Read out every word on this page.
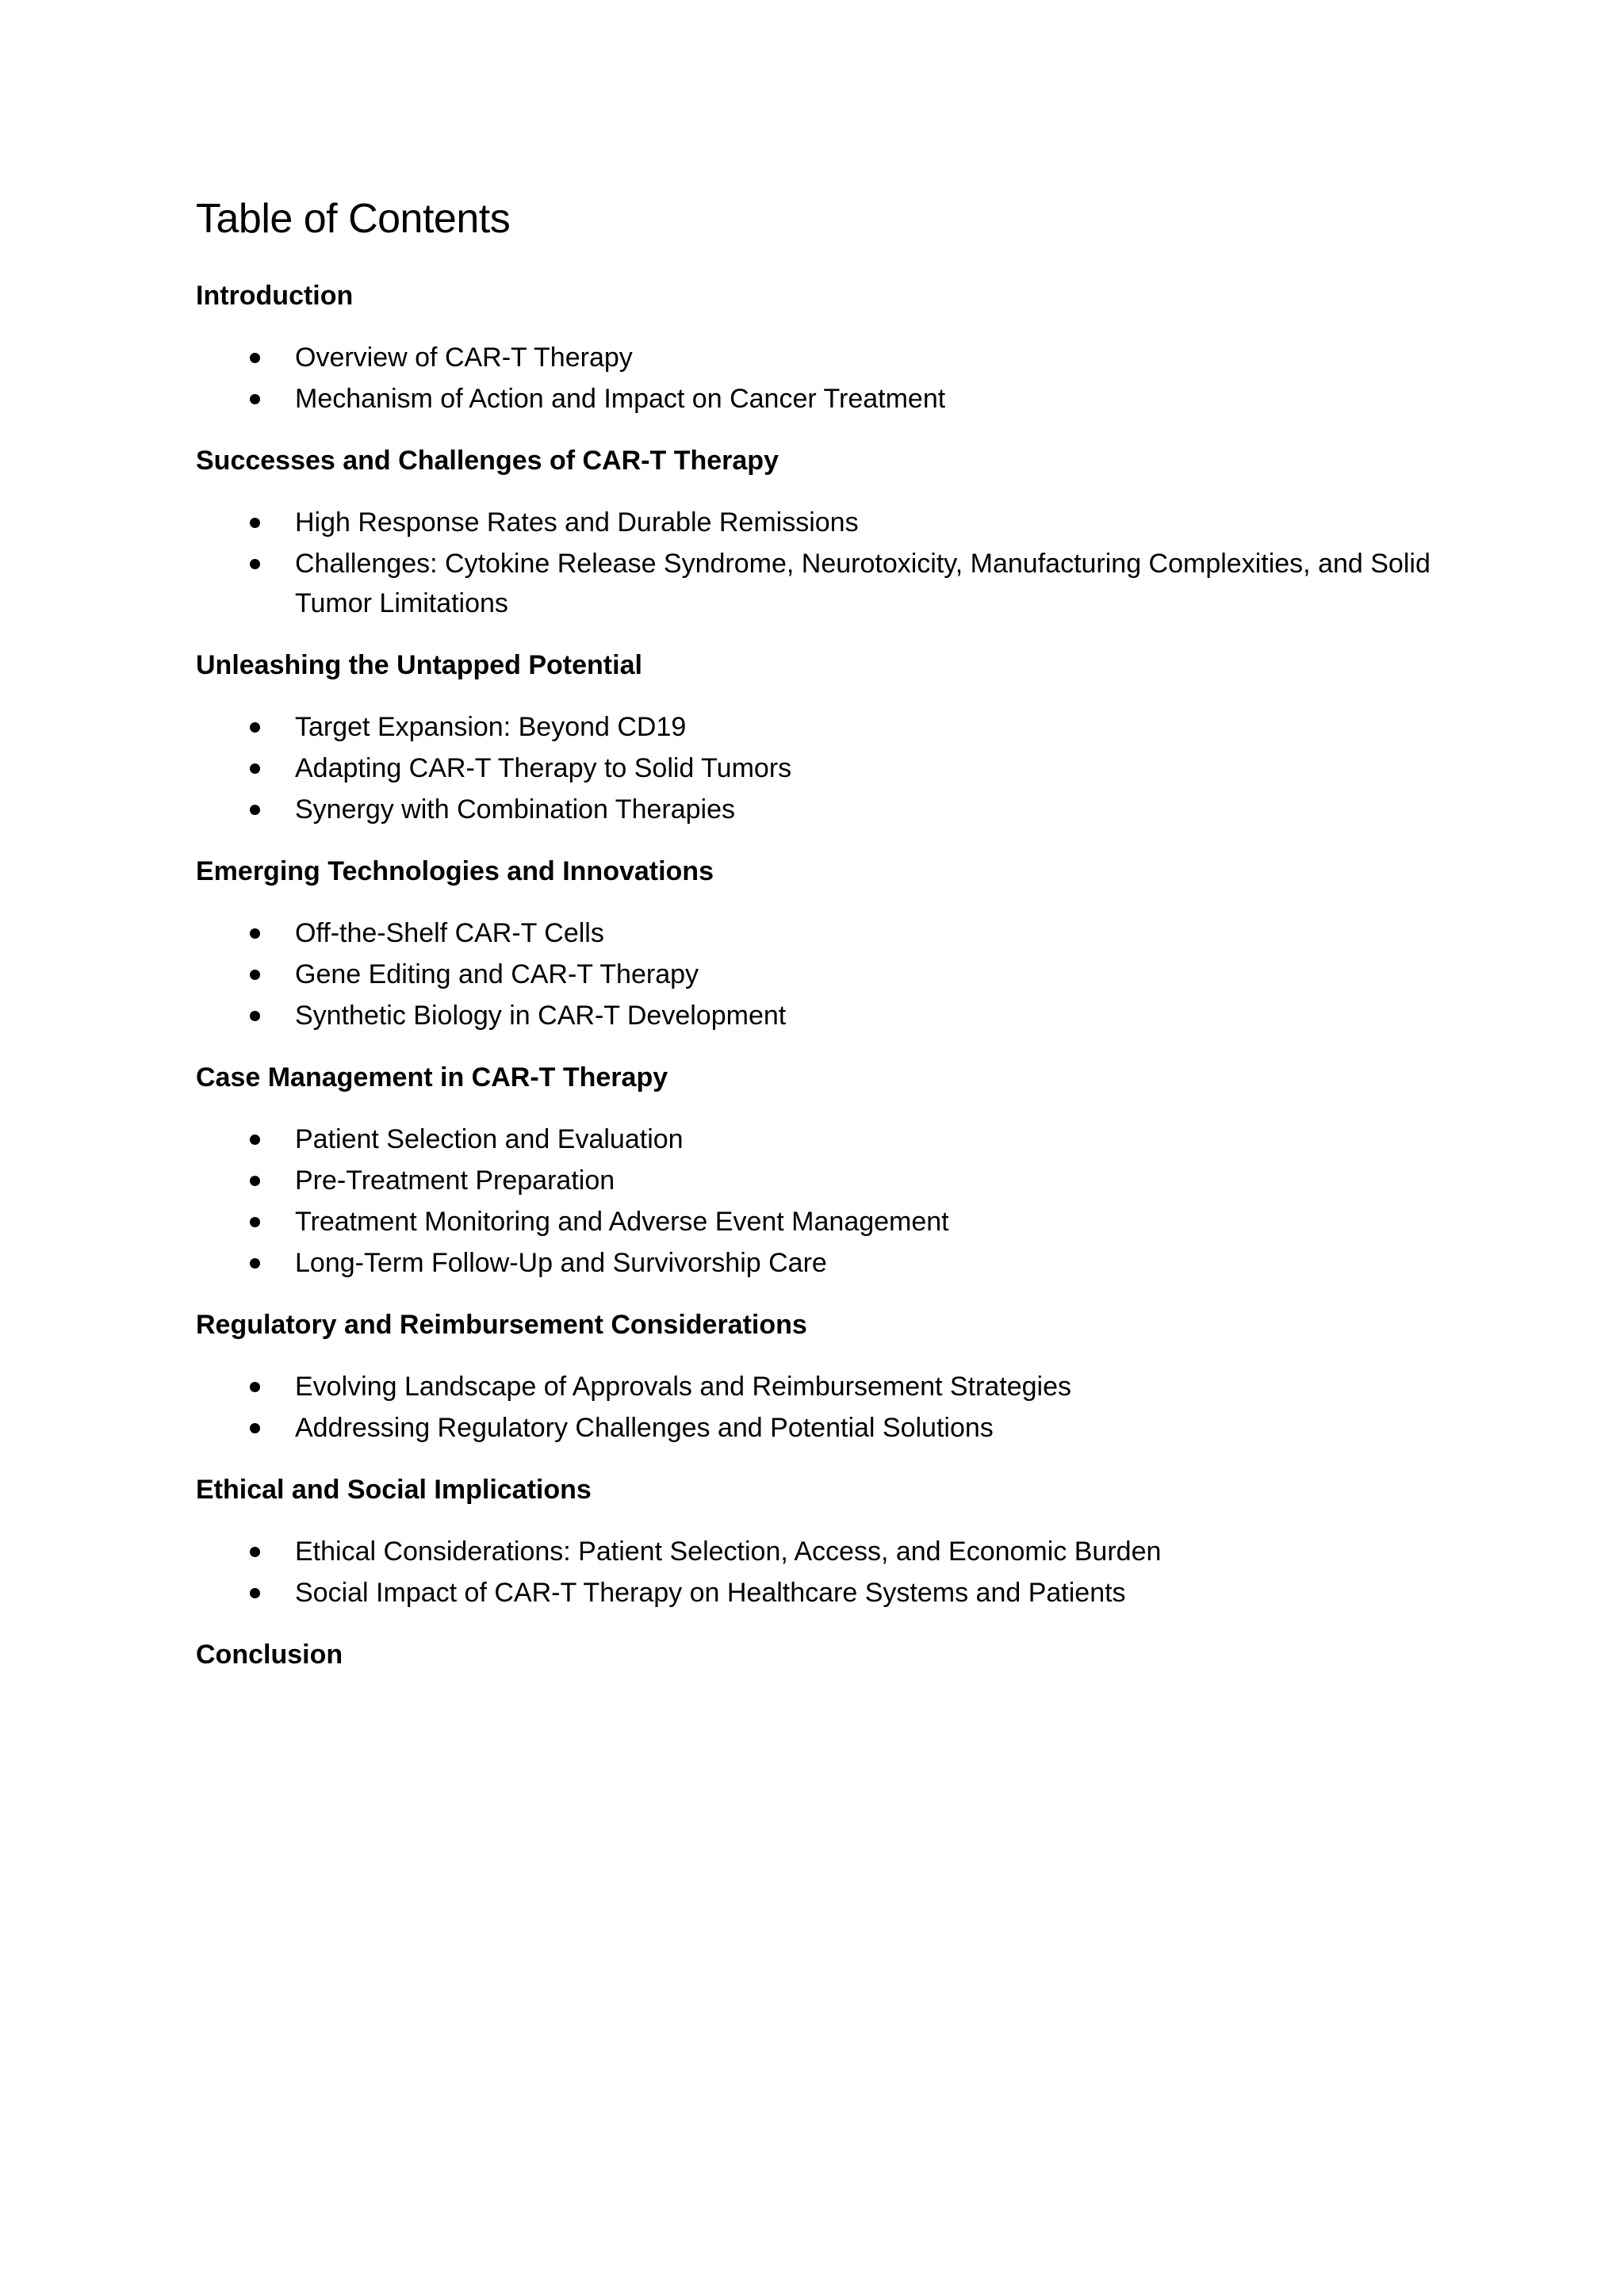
Table of Contents
Introduction
Overview of CAR-T Therapy
Mechanism of Action and Impact on Cancer Treatment
Successes and Challenges of CAR-T Therapy
High Response Rates and Durable Remissions
Challenges: Cytokine Release Syndrome, Neurotoxicity, Manufacturing Complexities, and Solid Tumor Limitations
Unleashing the Untapped Potential
Target Expansion: Beyond CD19
Adapting CAR-T Therapy to Solid Tumors
Synergy with Combination Therapies
Emerging Technologies and Innovations
Off-the-Shelf CAR-T Cells
Gene Editing and CAR-T Therapy
Synthetic Biology in CAR-T Development
Case Management in CAR-T Therapy
Patient Selection and Evaluation
Pre-Treatment Preparation
Treatment Monitoring and Adverse Event Management
Long-Term Follow-Up and Survivorship Care
Regulatory and Reimbursement Considerations
Evolving Landscape of Approvals and Reimbursement Strategies
Addressing Regulatory Challenges and Potential Solutions
Ethical and Social Implications
Ethical Considerations: Patient Selection, Access, and Economic Burden
Social Impact of CAR-T Therapy on Healthcare Systems and Patients
Conclusion
